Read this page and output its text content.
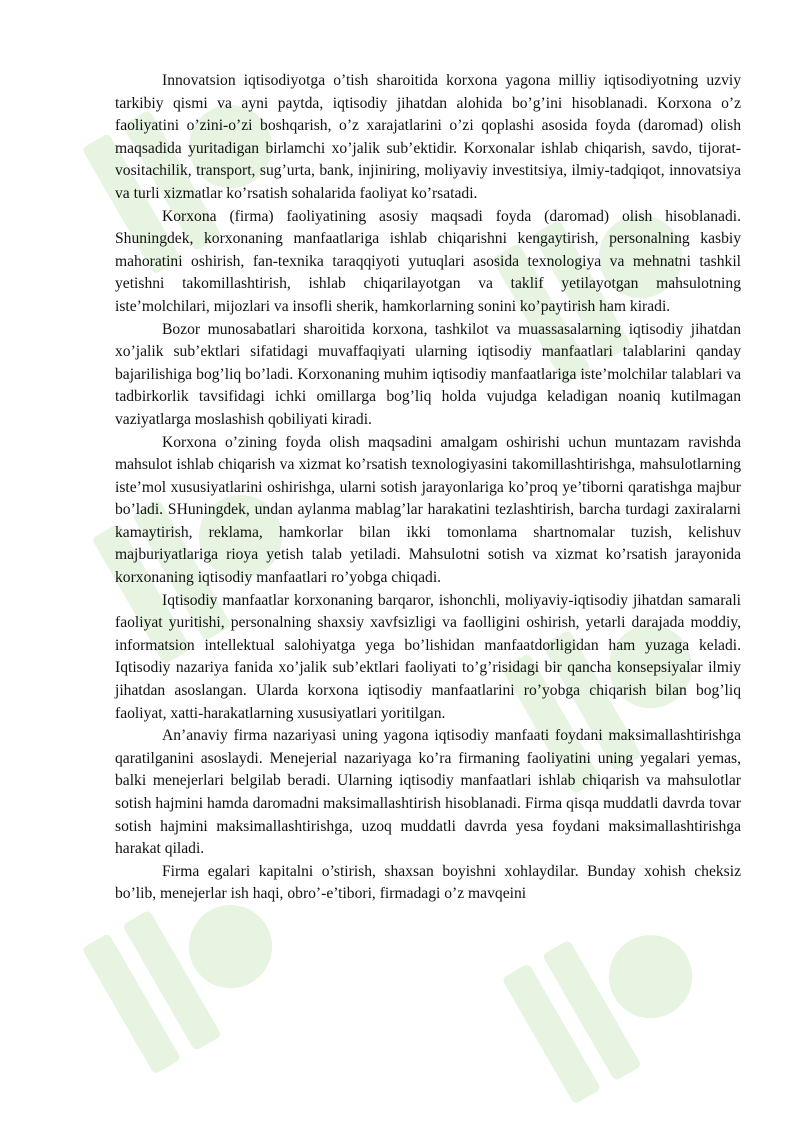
Innovatsion iqtisodiyotga o’tish sharoitida korxona yagona milliy iqtisodiyotning uzviy tarkibiy qismi va ayni paytda, iqtisodiy jihatdan alohida bo’g’ini hisoblanadi. Korxona o’z faoliyatini o’zini-o’zi boshqarish, o’z xarajatlarini o’zi qoplashi asosida foyda (daromad) olish maqsadida yuritadigan birlamchi xo’jalik sub’ektidir. Korxonalar ishlab chiqarish, savdo, tijorat-vositachilik, transport, sug’urta, bank, injiniring, moliyaviy investitsiya, ilmiy-tadqiqot, innovatsiya va turli xizmatlar ko’rsatish sohalarida faoliyat ko’rsatadi.

Korxona (firma) faoliyatining asosiy maqsadi foyda (daromad) olish hisoblanadi. Shuningdek, korxonaning manfaatlariga ishlab chiqarishni kengaytirish, personalning kasbiy mahoratini oshirish, fan-texnika taraqqiyoti yutuqlari asosida texnologiya va mehnatni tashkil yetishni takomillashtirish, ishlab chiqarilayotgan va taklif yetilayotgan mahsulotning iste’molchilari, mijozlari va insofli sherik, hamkorlarning sonini ko’paytirish ham kiradi.

Bozor munosabatlari sharoitida korxona, tashkilot va muassasalarning iqtisodiy jihatdan xo’jalik sub’ektlari sifatidagi muvaffaqiyati ularning iqtisodiy manfaatlari talablarini qanday bajarilishiga bog’liq bo’ladi. Korxonaning muhim iqtisodiy manfaatlariga iste’molchilar talablari va tadbirkorlik tavsifidagi ichki omillarga bog’liq holda vujudga keladigan noaniq kutilmagan vaziyatlarga moslashish qobiliyati kiradi.

Korxona o’zining foyda olish maqsadini amalgam oshirishi uchun muntazam ravishda mahsulot ishlab chiqarish va xizmat ko’rsatish texnologiyasini takomillashtirishga, mahsulotlarning iste’mol xususiyatlarini oshirishga, ularni sotish jarayonlariga ko’proq ye’tiborni qaratishga majbur bo’ladi. SHuningdek, undan aylanma mablag’lar harakatini tezlashtirish, barcha turdagi zaxiralarni kamaytirish, reklama, hamkorlar bilan ikki tomonlama shartnomalar tuzish, kelishuv majburiyatlariga rioya yetish talab yetiladi. Mahsulotni sotish va xizmat ko’rsatish jarayonida korxonaning iqtisodiy manfaatlari ro’yobga chiqadi.

Iqtisodiy manfaatlar korxonaning barqaror, ishonchli, moliyaviy-iqtisodiy jihatdan samarali faoliyat yuritishi, personalning shaxsiy xavfsizligi va faolligini oshirish, yetarli darajada moddiy, informatsion intellektual salohiyatga yega bo’lishidan manfaatdorligidan ham yuzaga keladi. Iqtisodiy nazariya fanida xo’jalik sub’ektlari faoliyati to’g’risidagi bir qancha konsepsiyalar ilmiy jihatdan asoslangan. Ularda korxona iqtisodiy manfaatlarini ro’yobga chiqarish bilan bog’liq faoliyat, xatti-harakatlarning xususiyatlari yoritilgan.

An’anaviy firma nazariyasi uning yagona iqtisodiy manfaati foydani maksimallashtirishga qaratilganini asoslaydi. Menejerial nazariyaga ko’ra firmaning faoliyatini uning yegalari yemas, balki menejerlari belgilab beradi. Ularning iqtisodiy manfaatlari ishlab chiqarish va mahsulotlar sotish hajmini hamda daromadni maksimallashtirish hisoblanadi. Firma qisqa muddatli davrda tovar sotish hajmini maksimallashtirishga, uzoq muddatli davrda yesa foydani maksimallashtirishga harakat qiladi.

Firma egalari kapitalni o’stirish, shaxsan boyishni xohlaydilar. Bunday xohish cheksiz bo’lib, menejerlar ish haqi, obro’-e’tibori, firmadagi o’z mavqeini
